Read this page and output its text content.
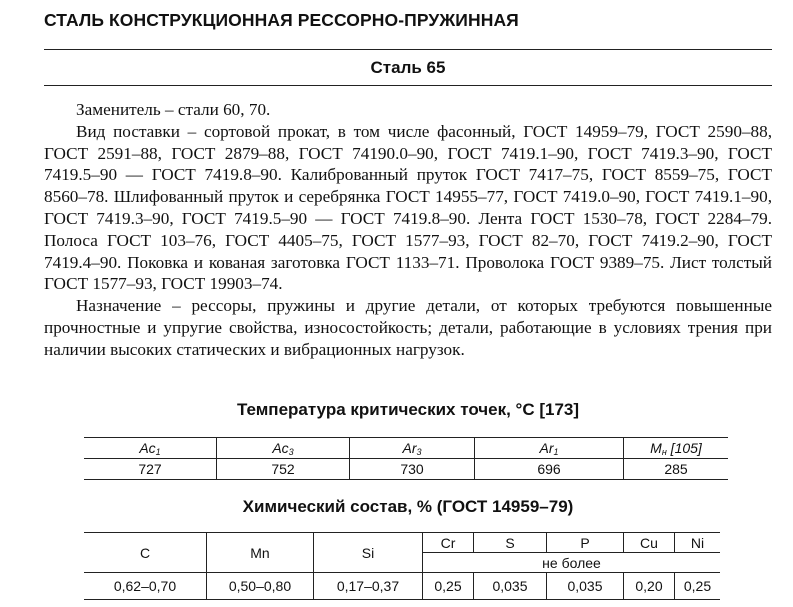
СТАЛЬ КОНСТРУКЦИОННАЯ РЕССОРНО-ПРУЖИННАЯ
Сталь 65

Заменитель – стали 60, 70.

Вид поставки – сортовой прокат, в том числе фасонный, ГОСТ 14959–79, ГОСТ 2590–88, ГОСТ 2591–88, ГОСТ 2879–88, ГОСТ 74190.0–90, ГОСТ 7419.1–90, ГОСТ 7419.3–90, ГОСТ 7419.5–90 — ГОСТ 7419.8–90. Калиброванный пруток ГОСТ 7417–75, ГОСТ 8559–75, ГОСТ 8560–78. Шлифованный пруток и серебрянка ГОСТ 14955–77, ГОСТ 7419.0–90, ГОСТ 7419.1–90, ГОСТ 7419.3–90, ГОСТ 7419.5–90 — ГОСТ 7419.8–90. Лента ГОСТ 1530–78, ГОСТ 2284–79. Полоса ГОСТ 103–76, ГОСТ 4405–75, ГОСТ 1577–93, ГОСТ 82–70, ГОСТ 7419.2–90, ГОСТ 7419.4–90. Поковка и кованая заготовка ГОСТ 1133–71. Проволока ГОСТ 9389–75. Лист толстый ГОСТ 1577–93, ГОСТ 19903–74.

Назначение – рессоры, пружины и другие детали, от которых требуются повышенные прочностные и упругие свойства, износостойкость; детали, работающие в условиях трения при наличии высоких статических и вибрационных нагрузок.

Температура критических точек, °С [173]
$Ac_1$	$Ac_3$	$Ar_3$	$Ar_1$	$M_н$ [105]
727	752	730	696	285
Химический состав, % (ГОСТ 14959–79)
C	Mn	Si	Cr	S	P	Cu	Ni
			не более				
0,62–0,70	0,50–0,80	0,17–0,37	0,25	0,035	0,035	0,20	0,25
